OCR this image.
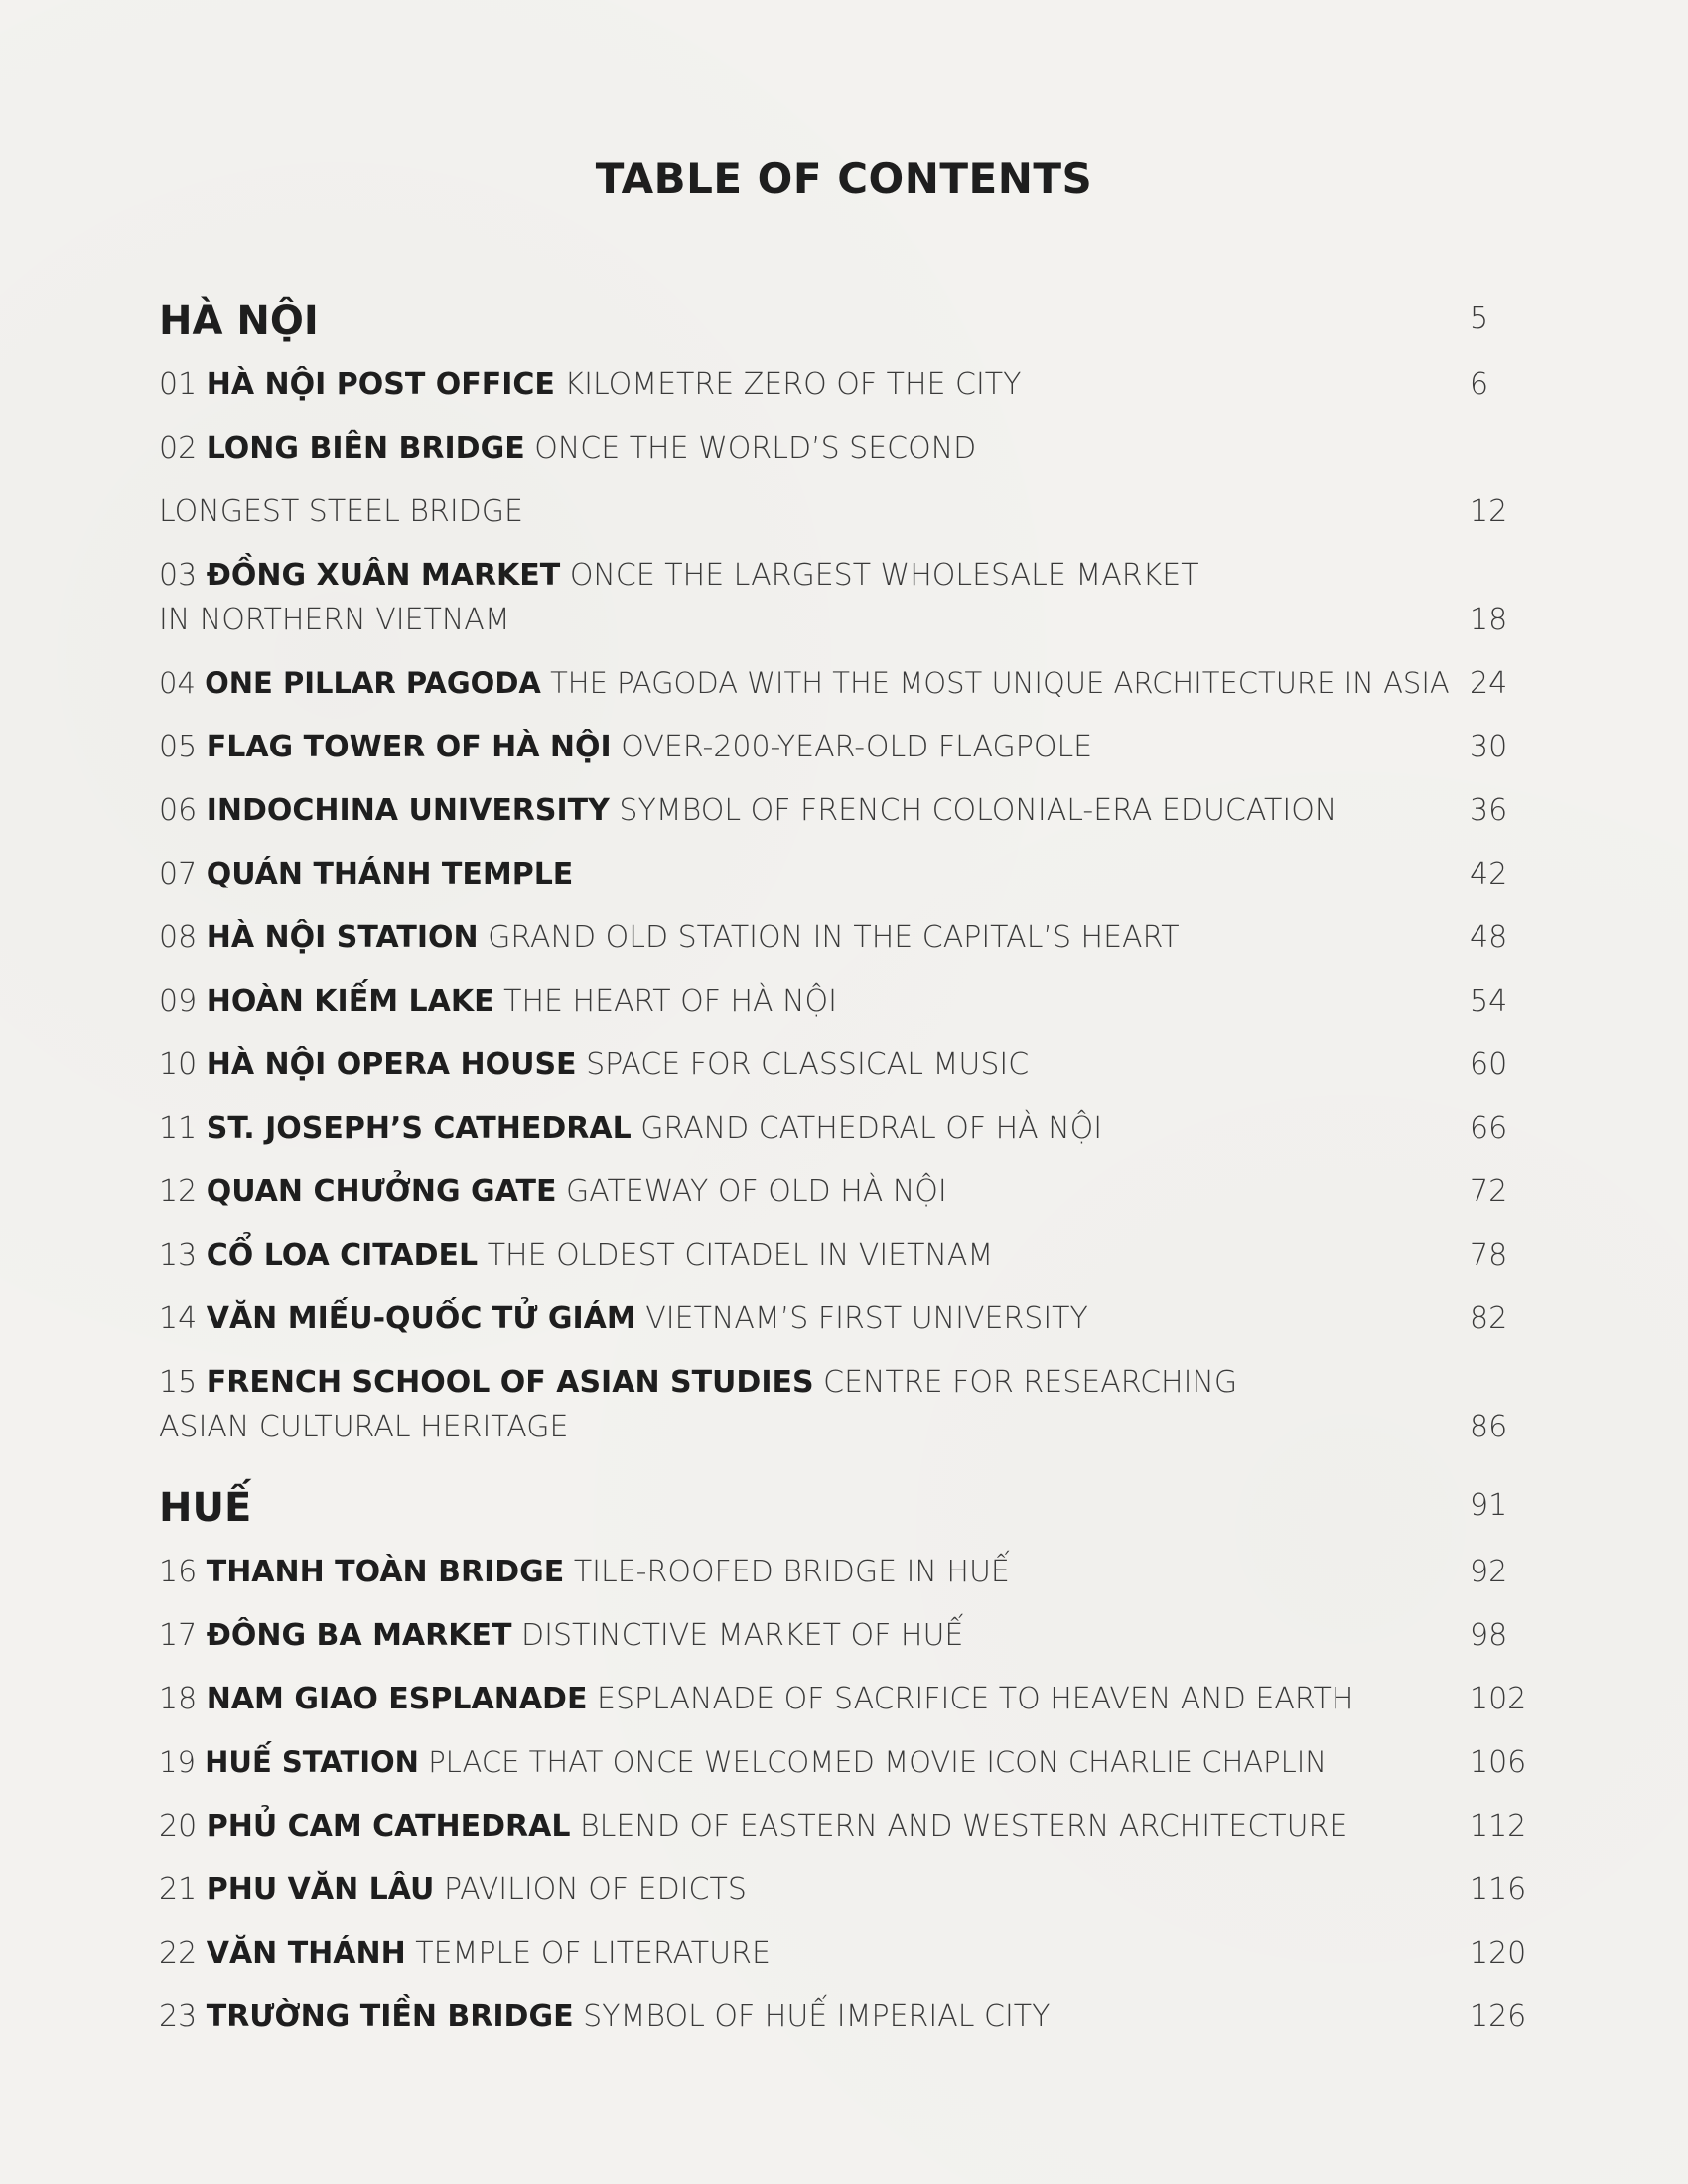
TABLE OF CONTENTS
HÀ NỘI	5
01 HÀ NỘI POST OFFICE KILOMETRE ZERO OF THE CITY	6
02 LONG BIÊN BRIDGE ONCE THE WORLD’S SECOND
LONGEST STEEL BRIDGE	12
03 ĐỒNG XUÂN MARKET ONCE THE LARGEST WHOLESALE MARKET
IN NORTHERN VIETNAM	18
04 ONE PILLAR PAGODA THE PAGODA WITH THE MOST UNIQUE ARCHITECTURE IN ASIA 24
05 FLAG TOWER OF HÀ NỘI OVER-200-YEAR-OLD FLAGPOLE	30
06 INDOCHINA UNIVERSITY SYMBOL OF FRENCH COLONIAL-ERA EDUCATION	36
07 QUÁN THÁNH TEMPLE	42
08 HÀ NỘI STATION GRAND OLD STATION IN THE CAPITAL’S HEART	48
09 HOÀN KIẾM LAKE THE HEART OF HÀ NỘI	54
10 HÀ NỘI OPERA HOUSE SPACE FOR CLASSICAL MUSIC	60
11 ST. JOSEPH’S CATHEDRAL GRAND CATHEDRAL OF HÀ NỘI	66
12 QUAN CHƯỞNG GATE GATEWAY OF OLD HÀ NỘI	72
13 CỔ LOA CITADEL THE OLDEST CITADEL IN VIETNAM	78
14 VĂN MIẾU-QUỐC TỬ GIÁM VIETNAM’S FIRST UNIVERSITY	82
15 FRENCH SCHOOL OF ASIAN STUDIES CENTRE FOR RESEARCHING
ASIAN CULTURAL HERITAGE	86
HUẾ	91
16 THANH TOÀN BRIDGE TILE-ROOFED BRIDGE IN HUẾ	92
17 ĐÔNG BA MARKET DISTINCTIVE MARKET OF HUẾ	98
18 NAM GIAO ESPLANADE ESPLANADE OF SACRIFICE TO HEAVEN AND EARTH	102
19 HUẾ STATION PLACE THAT ONCE WELCOMED MOVIE ICON CHARLIE CHAPLIN	106
20 PHỦ CAM CATHEDRAL BLEND OF EASTERN AND WESTERN ARCHITECTURE	112
21 PHU VĂN LÂU PAVILION OF EDICTS	116
22 VĂN THÁNH TEMPLE OF LITERATURE	120
23 TRƯỜNG TIỀN BRIDGE SYMBOL OF HUẾ IMPERIAL CITY	126
